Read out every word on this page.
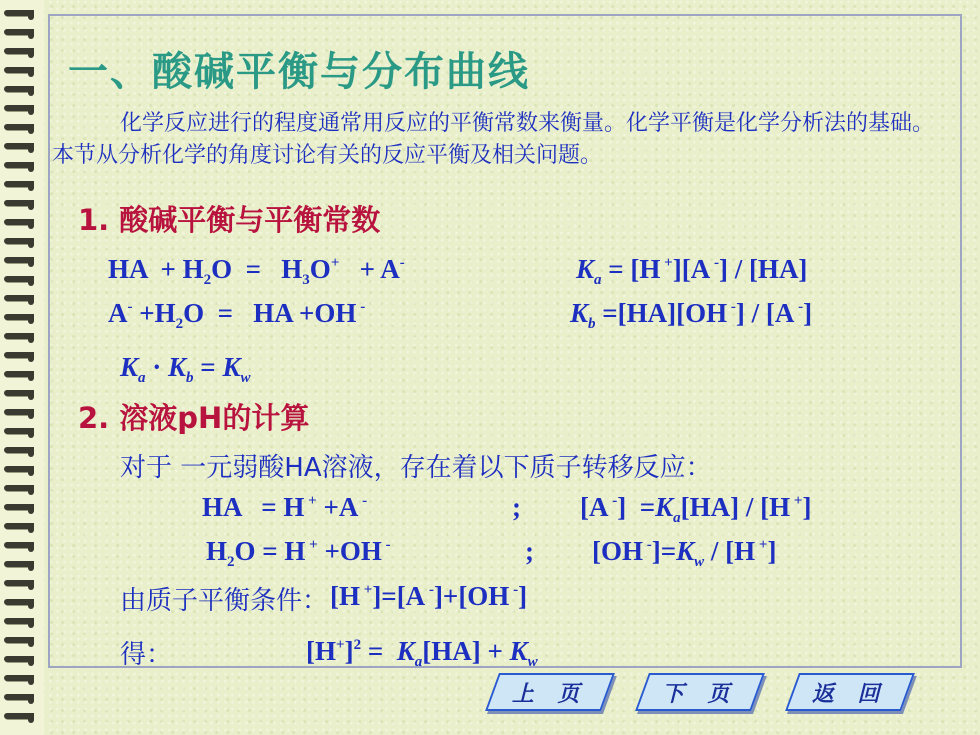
一、酸碱平衡与分布曲线

化学反应进行的程度通常用反应的平衡常数来衡量。化学平衡是化学分析法的基础。本节从分析化学的角度讨论有关的反应平衡及相关问题。

1. 酸碱平衡与平衡常数
HA  + $H_2O = H_3O^+ + A^-$	$K_a = [H$ +][A -] / [HA]
$A^- +H_2O$  =   HA +OH -	$K_b =[HA][OH$ -] / [A -]
$K_a \cdot K_b = K_w$
2. 溶液pH的计算

对于 一元弱酸HA溶液，存在着以下质子转移反应：

HA   = H + +A -	; [A $^-] =K_a[HA] / [H$ +]
$H_2O = H$ + +OH -	; [OH $^-]=K_w / [H$ +]

由质子平衡条件： [H +]=[A -]+[OH -]

得：	$[H^+]^2 = K_a[HA] + K_w$
上 页	下 页	返 回
